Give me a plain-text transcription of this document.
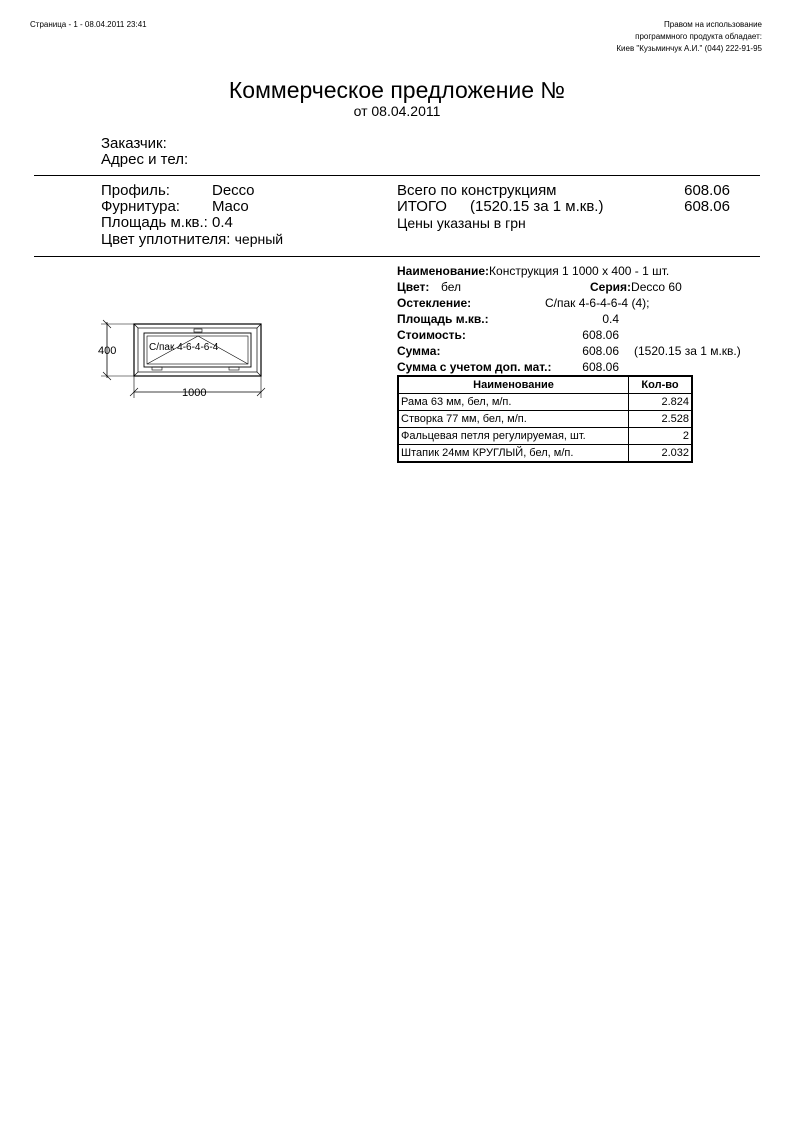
Страница - 1 - 08.04.2011 23:41	Правом на использование
программного продукта обладает:
Киев "Кузьминчук А.И." (044) 222-91-95
Коммерческое предложение №
от 08.04.2011
Заказчик:
Адрес и тел:
Профиль:	Decco
Фурнитура: Maco
Площадь м.кв.: 0.4
Цвет уплотнителя: черный
Всего по конструкциям	608.06
ИТОГО (1520.15 за 1 м.кв.)	608.06
Цены указаны в грн
Наименование:Конструкция 1 1000 х 400 - 1 шт.
Цвет: бел	Серия:Decco 60
Остекление:	С/пак 4-6-4-6-4 (4);
Площадь м.кв.:	0.4
Стоимость:	608.06
Сумма:	608.06 (1520.15 за 1 м.кв.)
Сумма с учетом доп. мат.:	608.06
Наименование	Кол-во
Рама 63 мм, бел, м/п.	2.824
Створка 77 мм, бел, м/п.	2.528
Фальцевая петля регулируемая, шт.	2
Штапик 24мм КРУГЛЫЙ, бел, м/п.	2.032
400
1000
С/пак 4-6-4-6-4
